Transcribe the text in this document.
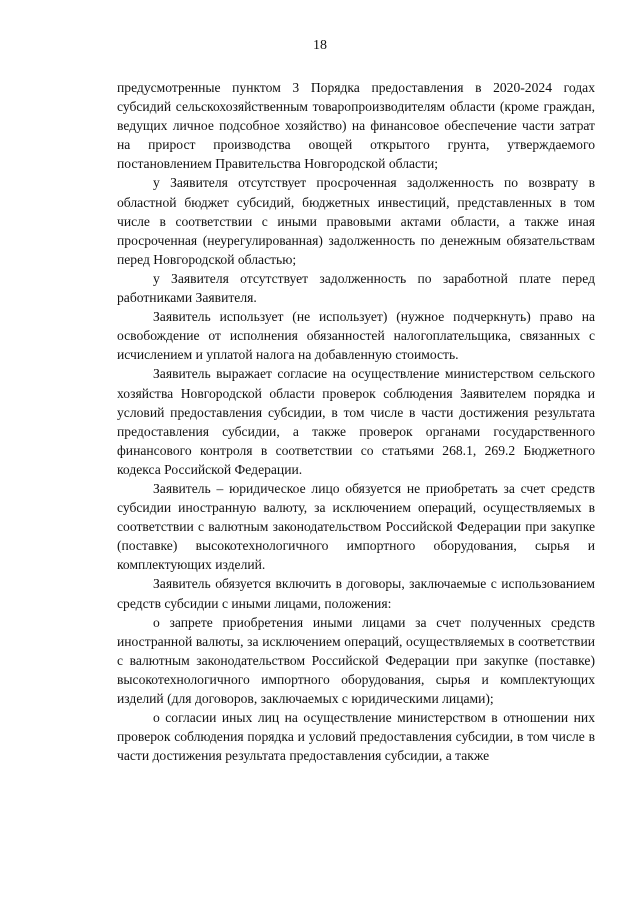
18

предусмотренные пунктом 3 Порядка предоставления в 2020-2024 годах субсидий сельскохозяйственным товаропроизводителям области (кроме граждан, ведущих личное подсобное хозяйство) на финансовое обеспечение части затрат на прирост производства овощей открытого грунта, утверждаемого постановлением Правительства Новгородской области;

у Заявителя отсутствует просроченная задолженность по возврату в областной бюджет субсидий, бюджетных инвестиций, представленных в том числе в соответствии с иными правовыми актами области, а также иная просроченная (неурегулированная) задолженность по денежным обязательствам перед Новгородской областью;

у Заявителя отсутствует задолженность по заработной плате перед работниками Заявителя.

Заявитель использует (не использует) (нужное подчеркнуть) право на освобождение от исполнения обязанностей налогоплательщика, связанных с исчислением и уплатой налога на добавленную стоимость.

Заявитель выражает согласие на осуществление министерством сельского хозяйства Новгородской области проверок соблюдения Заявителем порядка и условий предоставления субсидии, в том числе в части достижения результата предоставления субсидии, а также проверок органами государственного финансового контроля в соответствии со статьями 268.1, 269.2 Бюджетного кодекса Российской Федерации.

Заявитель – юридическое лицо обязуется не приобретать за счет средств субсидии иностранную валюту, за исключением операций, осуществляемых в соответствии с валютным законодательством Российской Федерации при закупке (поставке) высокотехнологичного импортного оборудования, сырья и комплектующих изделий.

Заявитель обязуется включить в договоры, заключаемые с использованием средств субсидии с иными лицами, положения:

о запрете приобретения иными лицами за счет полученных средств иностранной валюты, за исключением операций, осуществляемых в соответствии с валютным законодательством Российской Федерации при закупке (поставке) высокотехнологичного импортного оборудования, сырья и комплектующих изделий (для договоров, заключаемых с юридическими лицами);

о согласии иных лиц на осуществление министерством в отношении них проверок соблюдения порядка и условий предоставления субсидии, в том числе в части достижения результата предоставления субсидии, а также
